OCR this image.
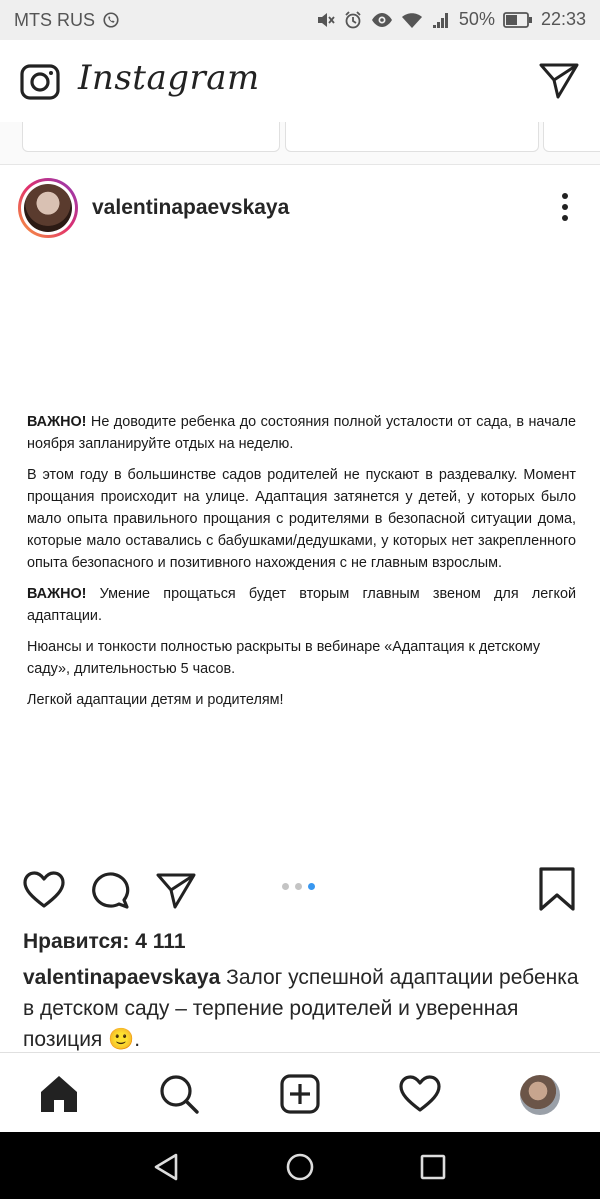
MTS RUS	50%	22:33
Instagram
valentinapaevskaya

ВАЖНО! Не доводите ребенка до состояния полной усталости от сада, в начале ноября запланируйте отдых на неделю.

В этом году в большинстве садов родителей не пускают в раздевалку. Момент прощания происходит на улице. Адаптация затянется у детей, у которых было мало опыта правильного прощания с родителями в безопасной ситуации дома, которые мало оставались с бабушками/дедушками, у которых нет закрепленного опыта безопасного и позитивного нахождения с не главным взрослым.

ВАЖНО! Умение прощаться будет вторым главным звеном для легкой адаптации.

Нюансы и тонкости полностью раскрыты в вебинаре «Адаптация к детскому саду», длительностью 5 часов.

Легкой адаптации детям и родителям!

Нравится: 4 111
valentinapaevskaya Залог успешной адаптации ребенка в детском саду – терпение родителей и уверенная позиция 🙂.
